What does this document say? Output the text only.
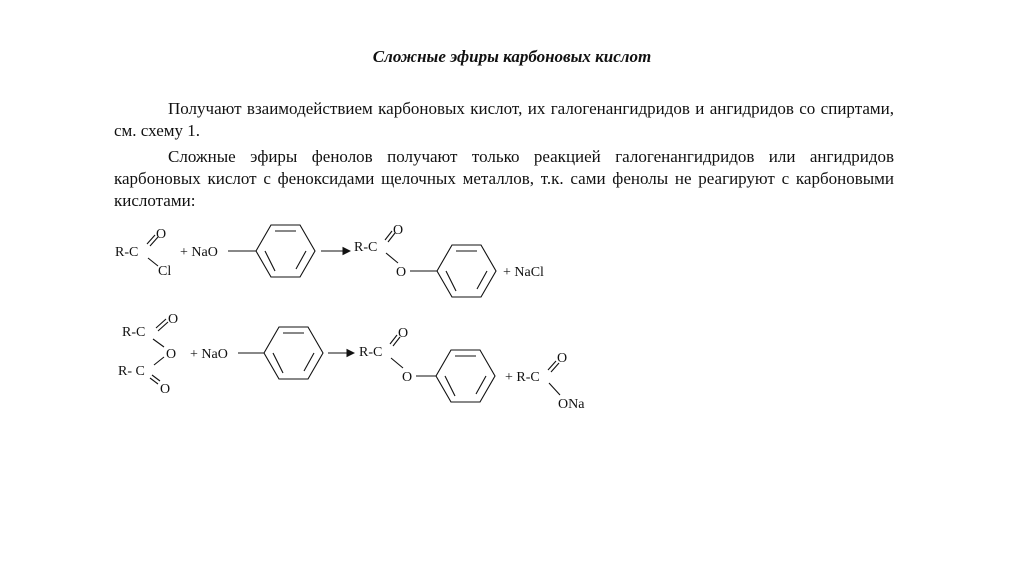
Сложные эфиры карбоновых кислот
Получают взаимодействием карбоновых кислот, их галогенангидридов и ангидридов со спиртами, см. схему 1.
Сложные эфиры фенолов получают только реакцией галогенангидридов или ангидридов карбоновых кислот с феноксидами щелочных металлов, т.к. сами фенолы не реагируют с карбоновыми кислотами:
R-C
O
Cl
+ NaO	R-C
O
O	+ NaCl
R-C
O
O
R- C
O
+ NaO	R-C
O
O	+ R-C
O
ONa
